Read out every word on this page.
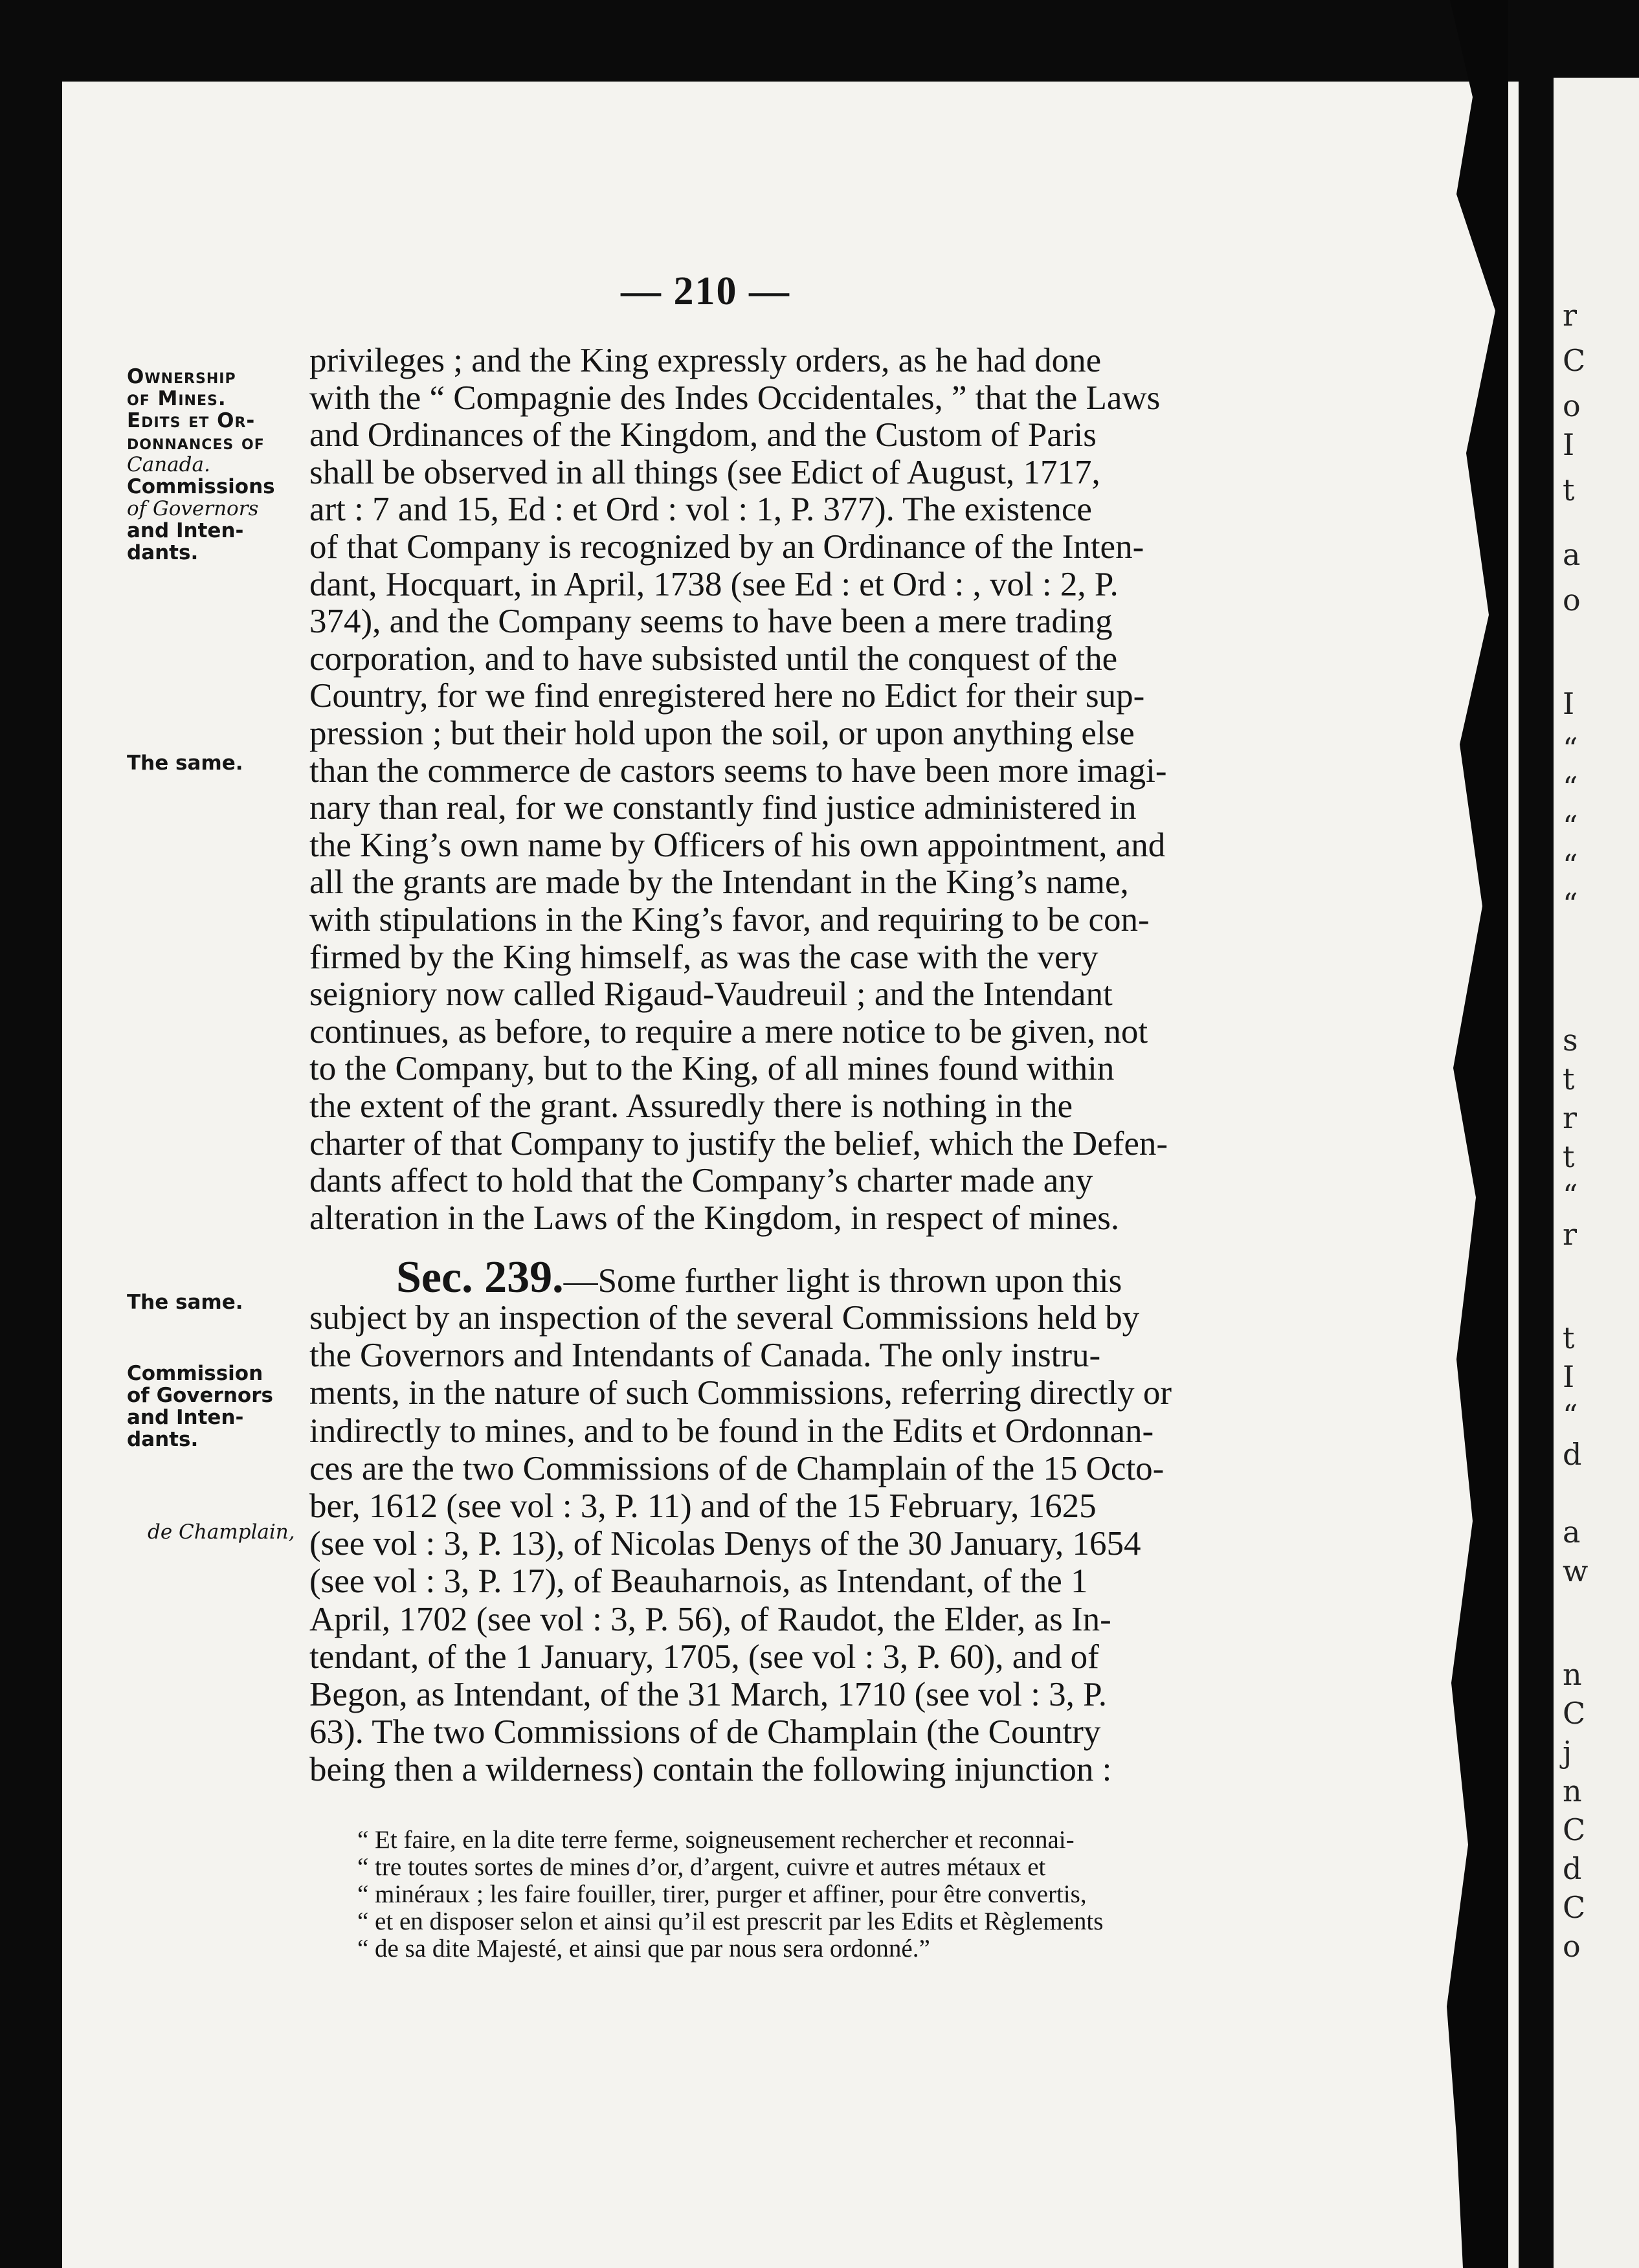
r
C
o
I
t
a
o
I
“
“
“
“
“
s
t
r
t
“
r
t
I
“
d
a
w
n
C
j
n
C
d
C
o
— 210 —
Ownership
of Mines.
Edits et Or-
donnances of
Canada.
Commissions
of Governors
and Inten-
dants.
The same.
The same.
Commission
of Governors
and Inten-
dants.
de Champlain,
privileges ; and the King expressly orders, as he had done
with the “ Compagnie des Indes Occidentales, ” that the Laws
and Ordinances of the Kingdom, and the Custom of Paris
shall be observed in all things (see Edict of August, 1717,
art : 7 and 15, Ed : et Ord : vol : 1, P. 377). The existence
of that Company is recognized by an Ordinance of the Inten-
dant, Hocquart, in April, 1738 (see Ed : et Ord : , vol : 2, P.
374), and the Company seems to have been a mere trading
corporation, and to have subsisted until the conquest of the
Country, for we find enregistered here no Edict for their sup-
pression ; but their hold upon the soil, or upon anything else
than the commerce de castors seems to have been more imagi-
nary than real, for we constantly find justice administered in
the King’s own name by Officers of his own appointment, and
all the grants are made by the Intendant in the King’s name,
with stipulations in the King’s favor, and requiring to be con-
firmed by the King himself, as was the case with the very
seigniory now called Rigaud-Vaudreuil ; and the Intendant
continues, as before, to require a mere notice to be given, not
to the Company, but to the King, of all mines found within
the extent of the grant. Assuredly there is nothing in the
charter of that Company to justify the belief, which the Defen-
dants affect to hold that the Company’s charter made any
alteration in the Laws of the Kingdom, in respect of mines.
Sec. 239.—Some further light is thrown upon this
subject by an inspection of the several Commissions held by
the Governors and Intendants of Canada. The only instru-
ments, in the nature of such Commissions, referring directly or
indirectly to mines, and to be found in the Edits et Ordonnan-
ces are the two Commissions of de Champlain of the 15 Octo-
ber, 1612 (see vol : 3, P. 11) and of the 15 February, 1625
(see vol : 3, P. 13), of Nicolas Denys of the 30 January, 1654
(see vol : 3, P. 17), of Beauharnois, as Intendant, of the 1
April, 1702 (see vol : 3, P. 56), of Raudot, the Elder, as In-
tendant, of the 1 January, 1705, (see vol : 3, P. 60), and of
Begon, as Intendant, of the 31 March, 1710 (see vol : 3, P.
63). The two Commissions of de Champlain (the Country
being then a wilderness) contain the following injunction :
“ Et faire, en la dite terre ferme, soigneusement rechercher et reconnai-
“ tre toutes sortes de mines d’or, d’argent, cuivre et autres métaux et
“ minéraux ; les faire fouiller, tirer, purger et affiner, pour être convertis,
“ et en disposer selon et ainsi qu’il est prescrit par les Edits et Règlements
“ de sa dite Majesté, et ainsi que par nous sera ordonné.”
